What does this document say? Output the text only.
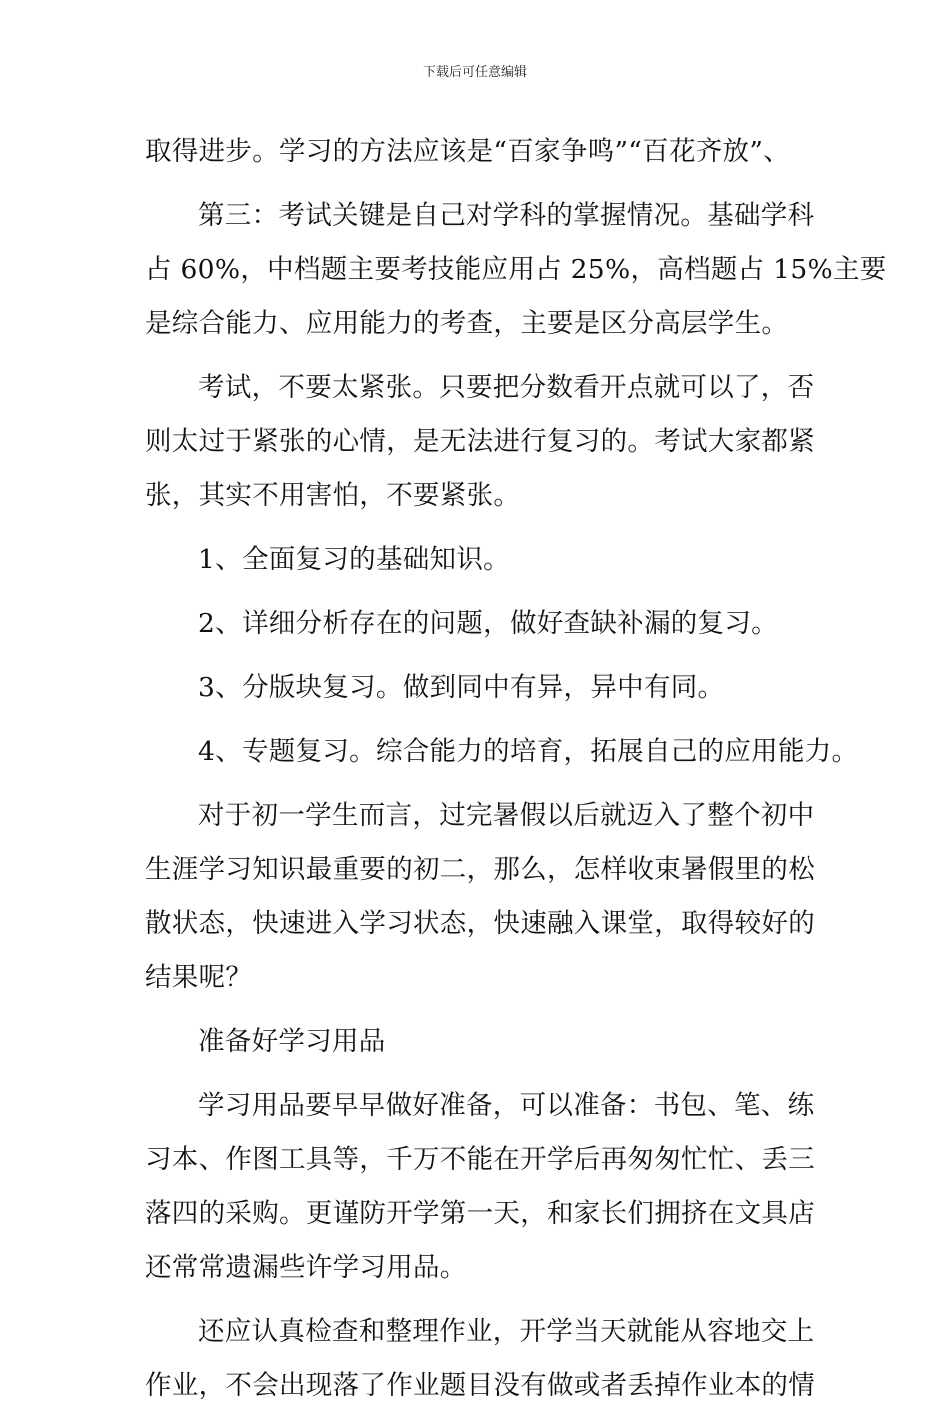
下载后可任意编辑
取得进步。学习的方法应该是“百家争鸣”“百花齐放”、
第三：考试关键是自己对学科的掌握情况。基础学科
占 60%，中档题主要考技能应用占 25%，高档题占 15%主要
是综合能力、应用能力的考查，主要是区分高层学生。
考试，不要太紧张。只要把分数看开点就可以了，否
则太过于紧张的心情，是无法进行复习的。考试大家都紧
张，其实不用害怕，不要紧张。
1、全面复习的基础知识。
2、详细分析存在的问题，做好查缺补漏的复习。
3、分版块复习。做到同中有异，异中有同。
4、专题复习。综合能力的培育，拓展自己的应用能力。
对于初一学生而言，过完暑假以后就迈入了整个初中
生涯学习知识最重要的初二，那么，怎样收束暑假里的松
散状态，快速进入学习状态，快速融入课堂，取得较好的
结果呢？
准备好学习用品
学习用品要早早做好准备，可以准备：书包、笔、练
习本、作图工具等，千万不能在开学后再匆匆忙忙、丢三
落四的采购。更谨防开学第一天，和家长们拥挤在文具店
还常常遗漏些许学习用品。
还应认真检查和整理作业，开学当天就能从容地交上
作业，不会出现落了作业题目没有做或者丢掉作业本的情
